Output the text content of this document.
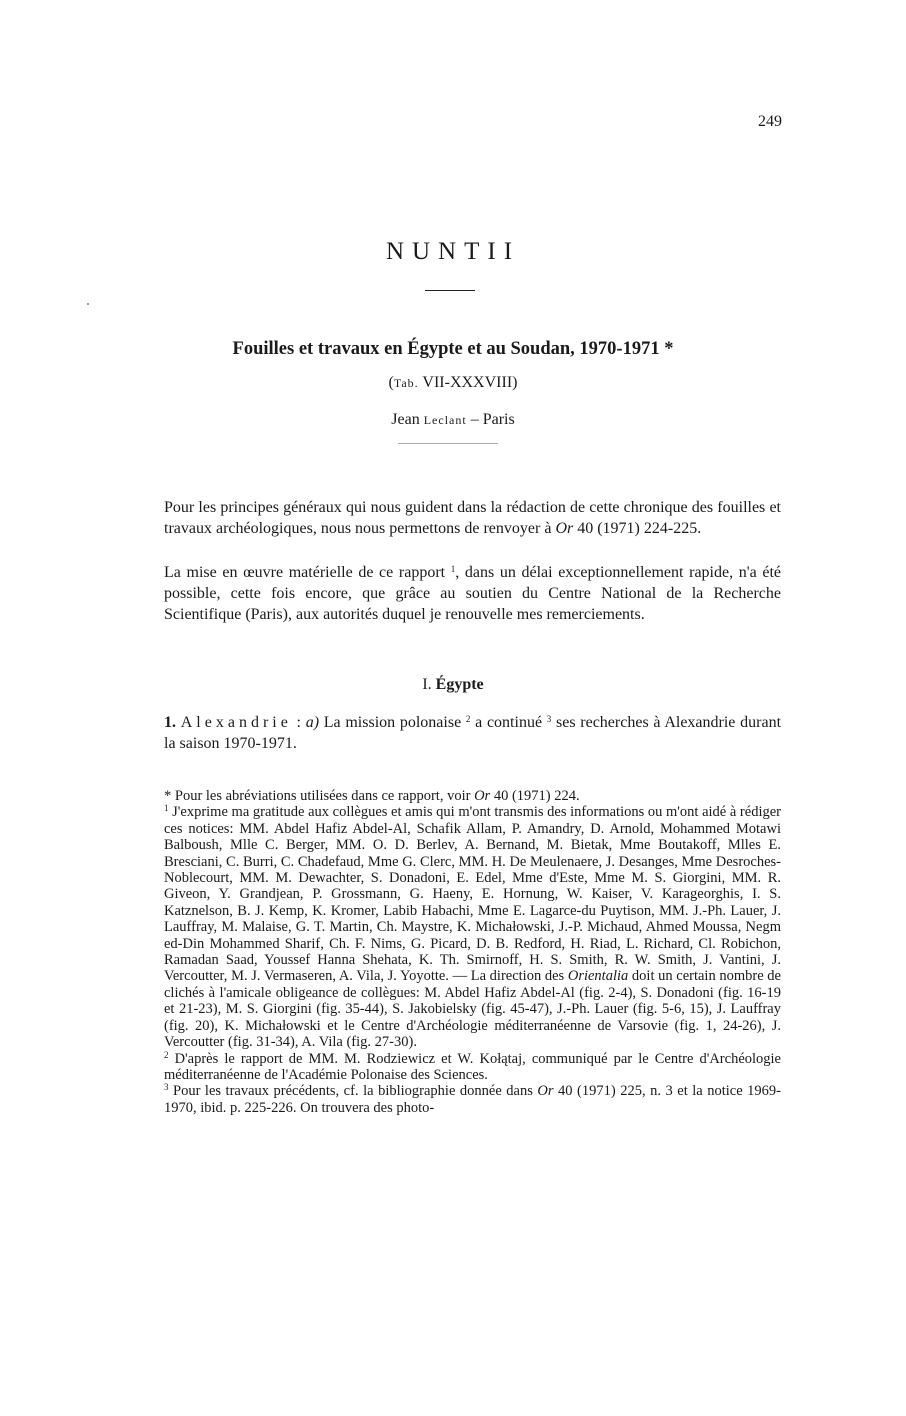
249
NUNTII
Fouilles et travaux en Égypte et au Soudan, 1970-1971 *
(Tab. VII-XXXVIII)
Jean Leclant – Paris
Pour les principes généraux qui nous guident dans la rédaction de cette chronique des fouilles et travaux archéologiques, nous nous permettons de renvoyer à Or 40 (1971) 224-225.
La mise en œuvre matérielle de ce rapport $^1$, dans un délai exceptionnellement rapide, n'a été possible, cette fois encore, que grâce au soutien du Centre National de la Recherche Scientifique (Paris), aux autorités duquel je renouvelle mes remerciements.
I. Égypte
1. Alexandrie : a) La mission polonaise $^2$ a continué $^3$ ses recherches à Alexandrie durant la saison 1970-1971.

* Pour les abréviations utilisées dans ce rapport, voir Or 40 (1971) 224.

$^1$ J'exprime ma gratitude aux collègues et amis qui m'ont transmis des informations ou m'ont aidé à rédiger ces notices: MM. Abdel Hafiz Abdel-Al, Schafik Allam, P. Amandry, D. Arnold, Mohammed Motawi Balboush, Mlle C. Berger, MM. O. D. Berlev, A. Bernand, M. Bietak, Mme Boutakoff, Mlles E. Bresciani, C. Burri, C. Chadefaud, Mme G. Clerc, MM. H. De Meulenaere, J. Desanges, Mme Desroches-Noblecourt, MM. M. Dewachter, S. Donadoni, E. Edel, Mme d'Este, Mme M. S. Giorgini, MM. R. Giveon, Y. Grandjean, P. Grossmann, G. Haeny, E. Hornung, W. Kaiser, V. Karageorghis, I. S. Katznelson, B. J. Kemp, K. Kromer, Labib Habachi, Mme E. Lagarce-du Puytison, MM. J.-Ph. Lauer, J. Lauffray, M. Malaise, G. T. Martin, Ch. Maystre, K. Michałowski, J.-P. Michaud, Ahmed Moussa, Negm ed-Din Mohammed Sharif, Ch. F. Nims, G. Picard, D. B. Redford, H. Riad, L. Richard, Cl. Robichon, Ramadan Saad, Youssef Hanna Shehata, K. Th. Smirnoff, H. S. Smith, R. W. Smith, J. Vantini, J. Vercoutter, M. J. Vermaseren, A. Vila, J. Yoyotte. — La direction des Orientalia doit un certain nombre de clichés à l'amicale obligeance de collègues: M. Abdel Hafiz Abdel-Al (fig. 2-4), S. Donadoni (fig. 16-19 et 21-23), M. S. Giorgini (fig. 35-44), S. Jakobielsky (fig. 45-47), J.-Ph. Lauer (fig. 5-6, 15), J. Lauffray (fig. 20), K. Michałowski et le Centre d'Archéologie méditerranéenne de Varsovie (fig. 1, 24-26), J. Vercoutter (fig. 31-34), A. Vila (fig. 27-30).

$^2$ D'après le rapport de MM. M. Rodziewicz et W. Kołątaj, communiqué par le Centre d'Archéologie méditerranéenne de l'Académie Polonaise des Sciences.

$^3$ Pour les travaux précédents, cf. la bibliographie donnée dans Or 40 (1971) 225, n. 3 et la notice 1969-1970, ibid. p. 225-226. On trouvera des photo-
